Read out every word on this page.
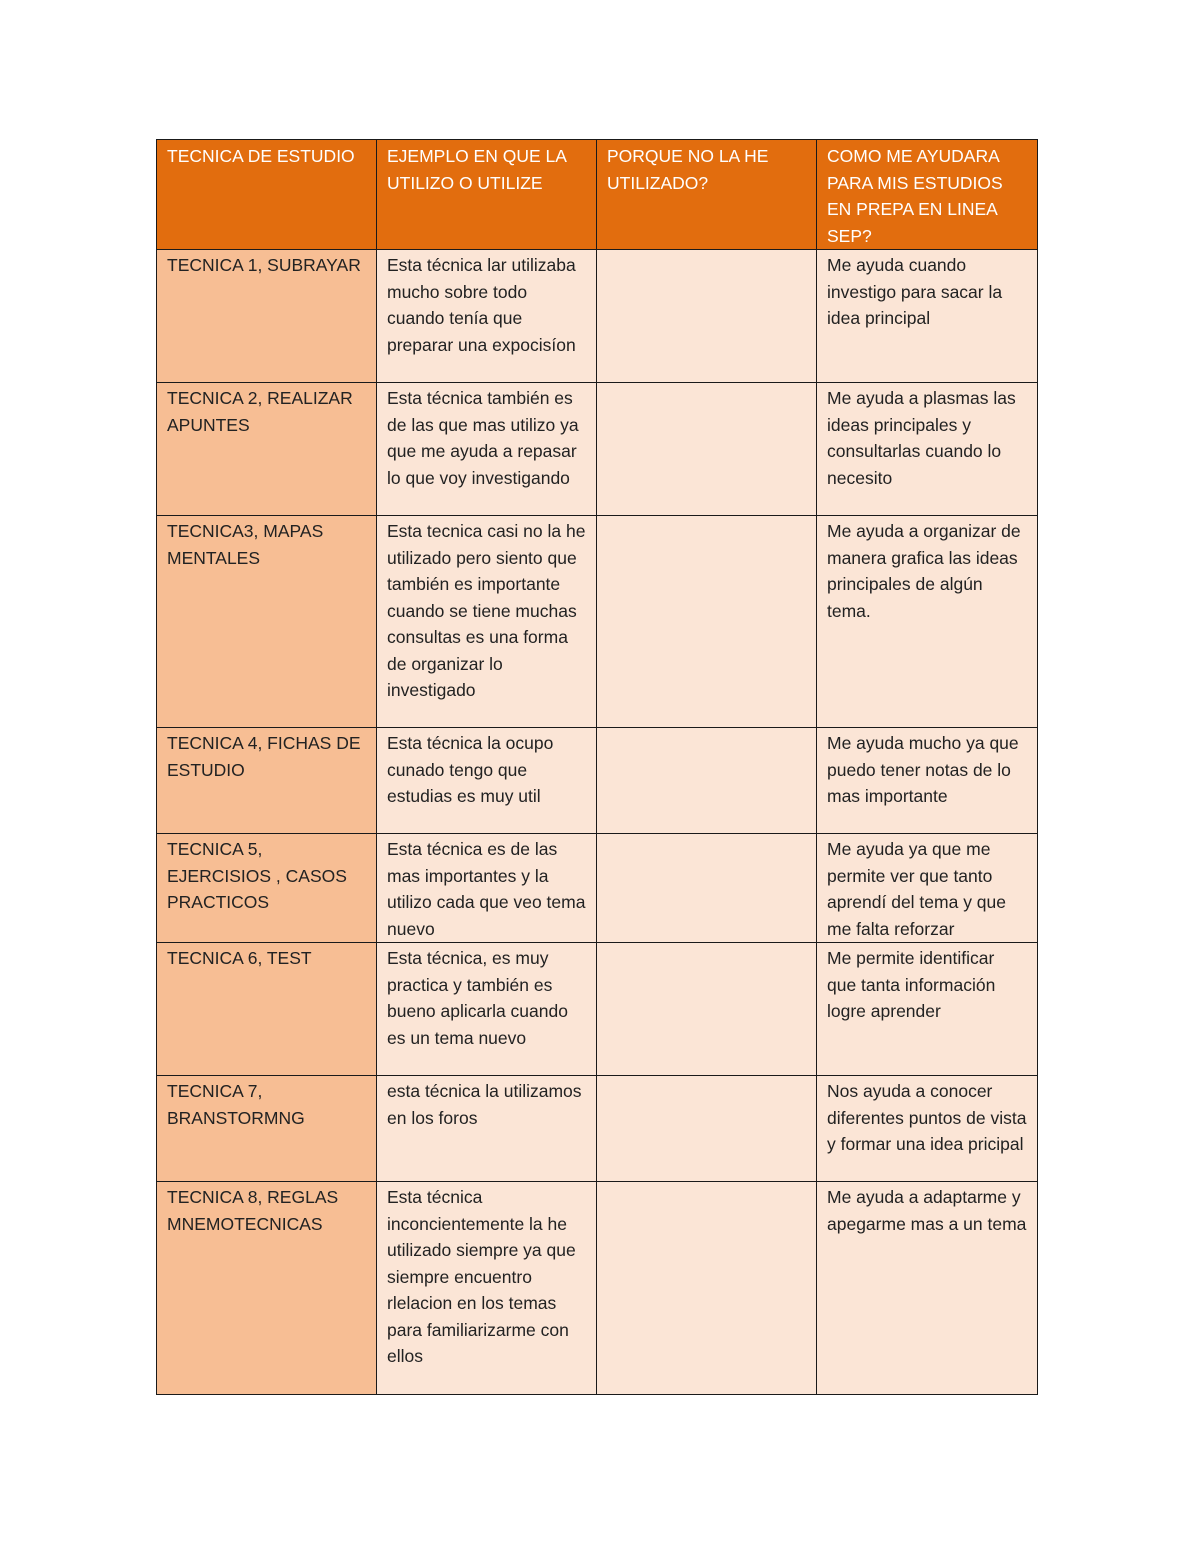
TECNICA DE ESTUDIO	EJEMPLO EN QUE LA UTILIZO O UTILIZE	PORQUE NO LA HE UTILIZADO?	COMO ME AYUDARA PARA MIS ESTUDIOS EN PREPA EN LINEA SEP?
TECNICA 1, SUBRAYAR	Esta técnica lar utilizaba mucho sobre todo cuando tenía que preparar una expocisíon		Me ayuda cuando investigo para sacar la idea principal
TECNICA 2, REALIZAR APUNTES	Esta técnica también es de las que mas utilizo ya que me ayuda a repasar lo que voy investigando		Me ayuda a plasmas las ideas principales y consultarlas cuando lo necesito
TECNICA3, MAPAS MENTALES	Esta tecnica casi no la he utilizado pero siento que también es importante cuando se tiene muchas consultas es una forma de organizar lo investigado		Me ayuda a organizar de manera grafica las ideas principales de algún tema.
TECNICA 4, FICHAS DE ESTUDIO	Esta técnica la ocupo cunado tengo que estudias es muy util		Me ayuda mucho ya que puedo tener notas de lo mas importante
TECNICA 5, EJERCISIOS , CASOS PRACTICOS	Esta técnica es de las mas importantes y la utilizo cada que veo tema nuevo		Me ayuda ya que me permite ver que tanto aprendí del tema y que me falta reforzar
TECNICA 6, TEST	Esta técnica, es muy practica y también es bueno aplicarla cuando es un tema nuevo		Me permite identificar que tanta información logre aprender
TECNICA 7, BRANSTORMNG	esta técnica la utilizamos en los foros		Nos ayuda a conocer diferentes puntos de vista y formar una idea pricipal
TECNICA 8, REGLAS MNEMOTECNICAS	Esta técnica inconcientemente la he utilizado siempre ya que siempre encuentro rlelacion en los temas para familiarizarme con ellos		Me ayuda a adaptarme y apegarme mas a un tema
